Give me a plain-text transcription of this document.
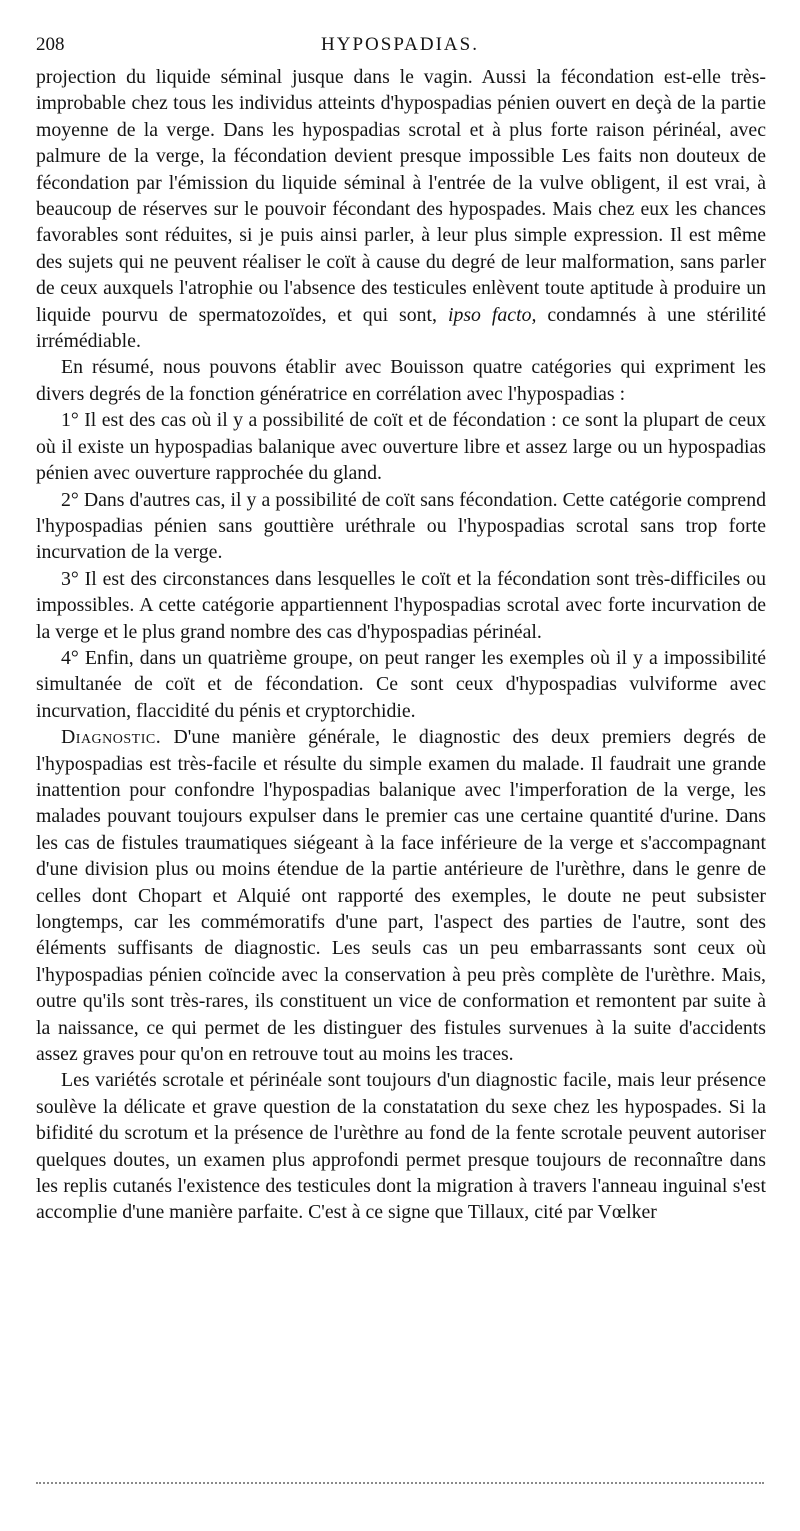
208	HYPOSPADIAS.

projection du liquide séminal jusque dans le vagin. Aussi la fécondation est-elle très-improbable chez tous les individus atteints d'hypospadias pénien ouvert en deçà de la partie moyenne de la verge. Dans les hypospadias scrotal et à plus forte raison périnéal, avec palmure de la verge, la fécondation devient presque impossible Les faits non douteux de fécondation par l'émission du liquide séminal à l'entrée de la vulve obligent, il est vrai, à beaucoup de réserves sur le pouvoir fécondant des hypospades. Mais chez eux les chances favorables sont réduites, si je puis ainsi parler, à leur plus simple expression. Il est même des sujets qui ne peuvent réaliser le coït à cause du degré de leur malformation, sans parler de ceux auxquels l'atrophie ou l'absence des testicules enlèvent toute aptitude à produire un liquide pourvu de spermatozoïdes, et qui sont, ipso facto, condamnés à une stérilité irrémédiable.

En résumé, nous pouvons établir avec Bouisson quatre catégories qui expriment les divers degrés de la fonction génératrice en corrélation avec l'hypospadias :

1° Il est des cas où il y a possibilité de coït et de fécondation : ce sont la plupart de ceux où il existe un hypospadias balanique avec ouverture libre et assez large ou un hypospadias pénien avec ouverture rapprochée du gland.

2° Dans d'autres cas, il y a possibilité de coït sans fécondation. Cette catégorie comprend l'hypospadias pénien sans gouttière uréthrale ou l'hypospadias scrotal sans trop forte incurvation de la verge.

3° Il est des circonstances dans lesquelles le coït et la fécondation sont très-difficiles ou impossibles. A cette catégorie appartiennent l'hypospadias scrotal avec forte incurvation de la verge et le plus grand nombre des cas d'hypospadias périnéal.

4° Enfin, dans un quatrième groupe, on peut ranger les exemples où il y a impossibilité simultanée de coït et de fécondation. Ce sont ceux d'hypospadias vulviforme avec incurvation, flaccidité du pénis et cryptorchidie.

Diagnostic. D'une manière générale, le diagnostic des deux premiers degrés de l'hypospadias est très-facile et résulte du simple examen du malade. Il faudrait une grande inattention pour confondre l'hypospadias balanique avec l'imperforation de la verge, les malades pouvant toujours expulser dans le premier cas une certaine quantité d'urine. Dans les cas de fistules traumatiques siégeant à la face inférieure de la verge et s'accompagnant d'une division plus ou moins étendue de la partie antérieure de l'urèthre, dans le genre de celles dont Chopart et Alquié ont rapporté des exemples, le doute ne peut subsister longtemps, car les commémoratifs d'une part, l'aspect des parties de l'autre, sont des éléments suffisants de diagnostic. Les seuls cas un peu embarrassants sont ceux où l'hypospadias pénien coïncide avec la conservation à peu près complète de l'urèthre. Mais, outre qu'ils sont très-rares, ils constituent un vice de conformation et remontent par suite à la naissance, ce qui permet de les distinguer des fistules survenues à la suite d'accidents assez graves pour qu'on en retrouve tout au moins les traces.

Les variétés scrotale et périnéale sont toujours d'un diagnostic facile, mais leur présence soulève la délicate et grave question de la constatation du sexe chez les hypospades. Si la bifidité du scrotum et la présence de l'urèthre au fond de la fente scrotale peuvent autoriser quelques doutes, un examen plus approfondi permet presque toujours de reconnaître dans les replis cutanés l'existence des testicules dont la migration à travers l'anneau inguinal s'est accomplie d'une manière parfaite. C'est à ce signe que Tillaux, cité par Vœlker
